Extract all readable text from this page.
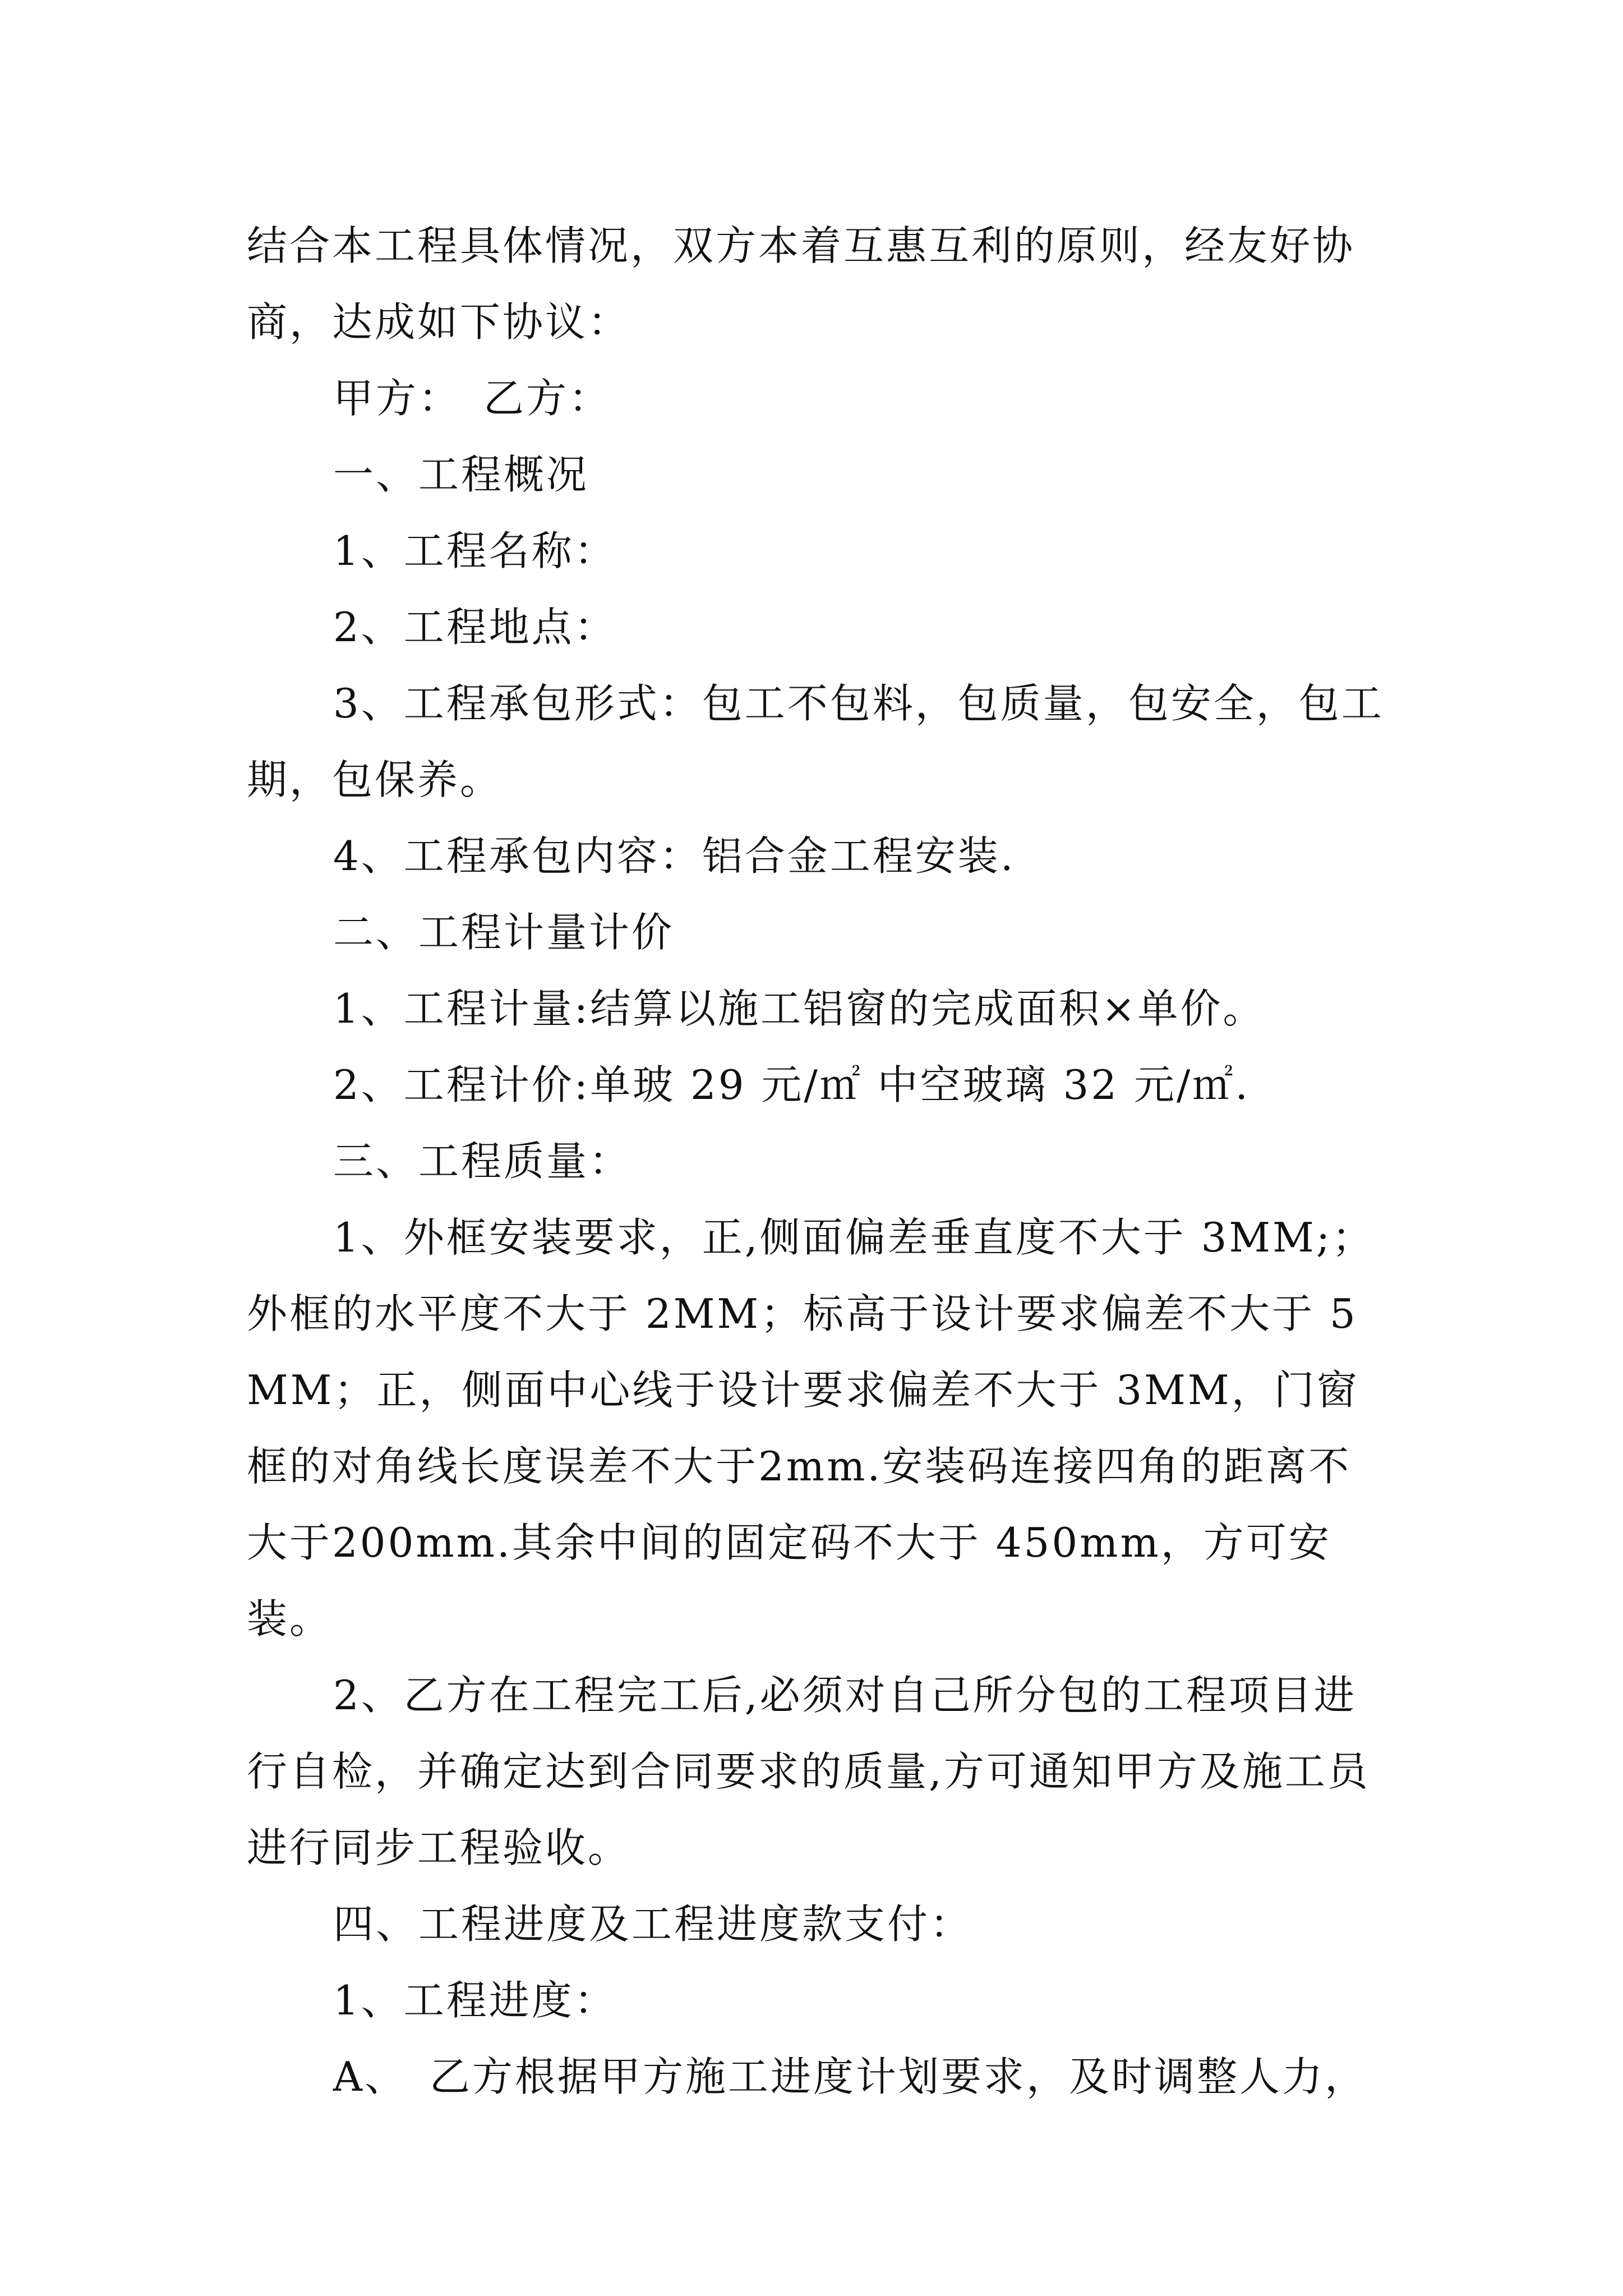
结合本工程具体情况，双方本着互惠互利的原则，经友好协商，达成如下协议：

甲方：　乙方：

一、工程概况

1、工程名称：

2、工程地点：

3、工程承包形式：包工不包料，包质量，包安全，包工期，包保养。

4、工程承包内容：铝合金工程安装.

二、工程计量计价

1、工程计量:结算以施工铝窗的完成面积×单价。

2、工程计价:单玻 29 元/㎡ 中空玻璃 32 元/㎡.

三、工程质量：

1、外框安装要求，正,侧面偏差垂直度不大于 3MM;；外框的水平度不大于 2MM；标高于设计要求偏差不大于 5MM；正，侧面中心线于设计要求偏差不大于 3MM，门窗框的对角线长度误差不大于2mm.安装码连接四角的距离不大于200mm.其余中间的固定码不大于 450mm，方可安装。

2、乙方在工程完工后,必须对自己所分包的工程项目进行自检，并确定达到合同要求的质量,方可通知甲方及施工员进行同步工程验收。

四、工程进度及工程进度款支付：

1、工程进度：

A、　乙方根据甲方施工进度计划要求，及时调整人力，
